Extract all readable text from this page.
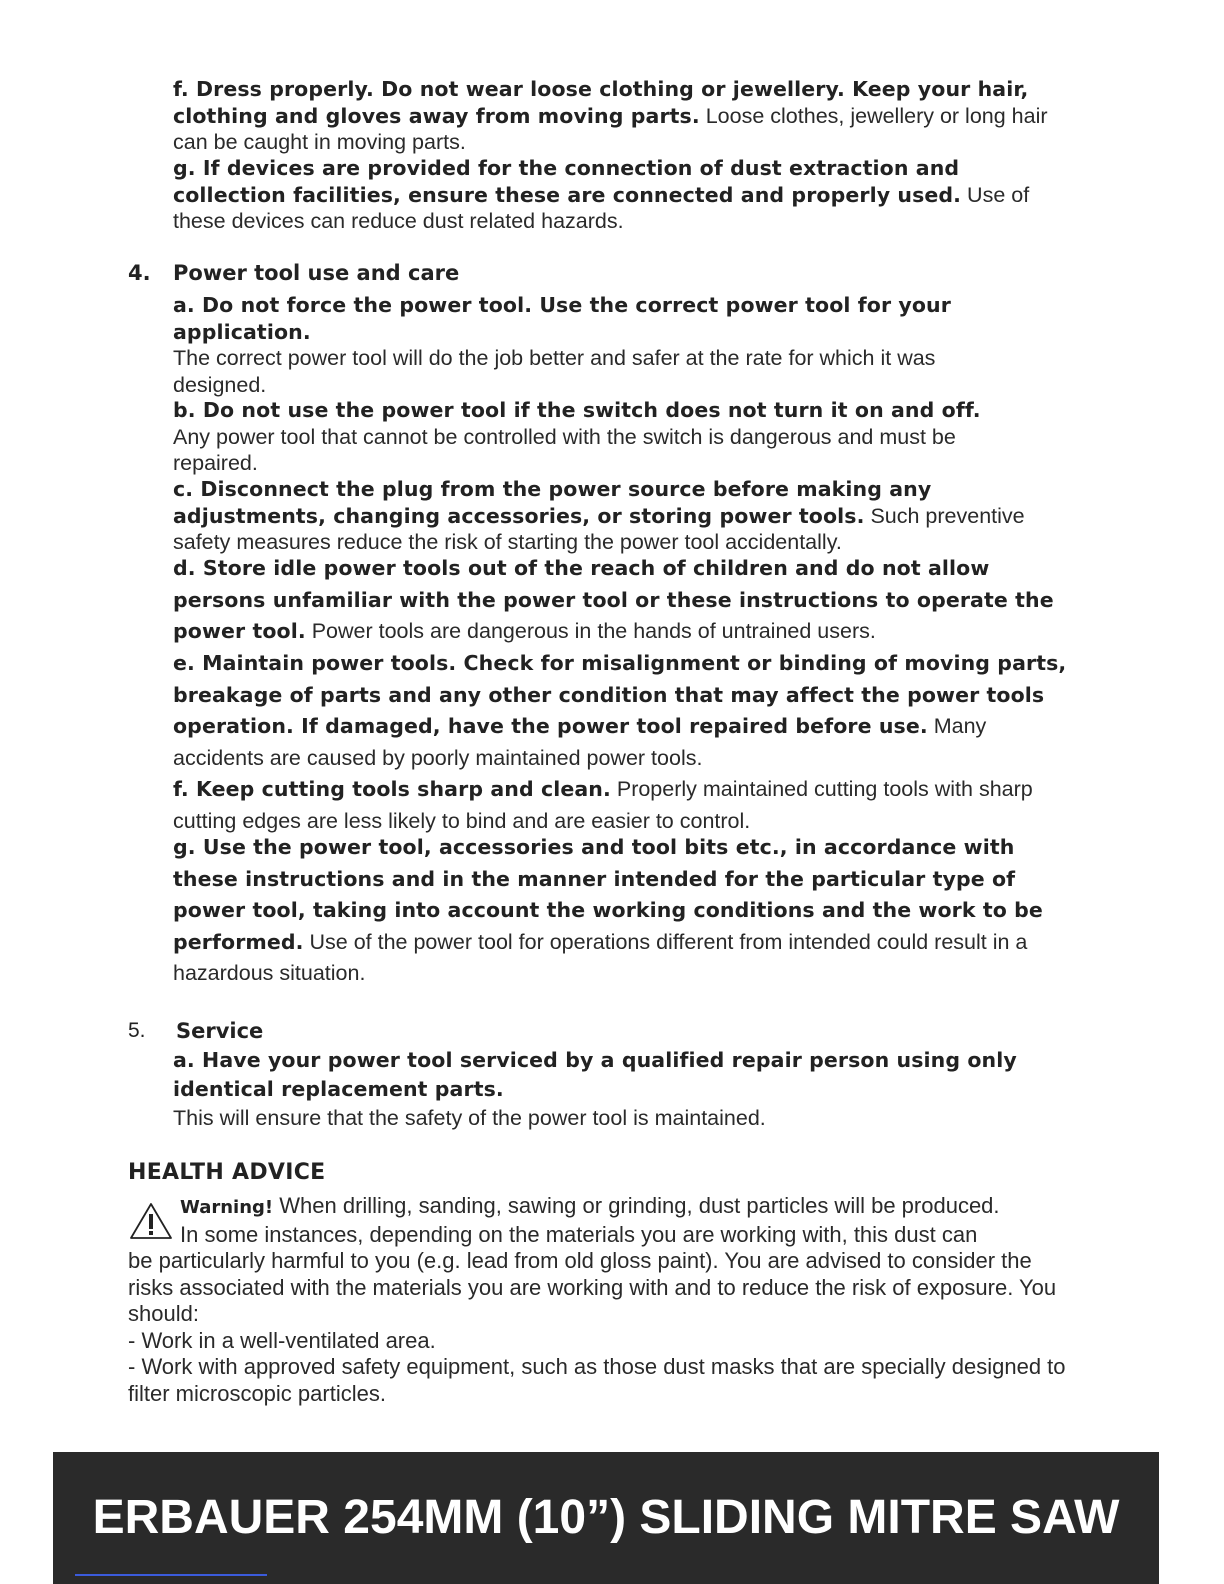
f. Dress properly. Do not wear loose clothing or jewellery. Keep your hair, clothing and gloves away from moving parts. Loose clothes, jewellery or long hair can be caught in moving parts.
g. If devices are provided for the connection of dust extraction and collection facilities, ensure these are connected and properly used. Use of these devices can reduce dust related hazards.
4. Power tool use and care
a. Do not force the power tool. Use the correct power tool for your application.
The correct power tool will do the job better and safer at the rate for which it was designed.
b. Do not use the power tool if the switch does not turn it on and off.
Any power tool that cannot be controlled with the switch is dangerous and must be repaired.
c. Disconnect the plug from the power source before making any adjustments, changing accessories, or storing power tools. Such preventive safety measures reduce the risk of starting the power tool accidentally.
d. Store idle power tools out of the reach of children and do not allow persons unfamiliar with the power tool or these instructions to operate the power tool. Power tools are dangerous in the hands of untrained users.
e. Maintain power tools. Check for misalignment or binding of moving parts, breakage of parts and any other condition that may affect the power tools operation. If damaged, have the power tool repaired before use. Many accidents are caused by poorly maintained power tools.
f. Keep cutting tools sharp and clean. Properly maintained cutting tools with sharp cutting edges are less likely to bind and are easier to control.
g. Use the power tool, accessories and tool bits etc., in accordance with these instructions and in the manner intended for the particular type of power tool, taking into account the working conditions and the work to be performed. Use of the power tool for operations different from intended could result in a hazardous situation.
5. Service
a. Have your power tool serviced by a qualified repair person using only identical replacement parts.
This will ensure that the safety of the power tool is maintained.
HEALTH ADVICE
Warning! When drilling, sanding, sawing or grinding, dust particles will be produced.
In some instances, depending on the materials you are working with, this dust can
be particularly harmful to you (e.g. lead from old gloss paint). You are advised to consider the risks associated with the materials you are working with and to reduce the risk of exposure. You should:
- Work in a well-ventilated area.
- Work with approved safety equipment, such as those dust masks that are specially designed to filter microscopic particles.
ERBAUER 254MM (10”) SLIDING MITRE SAW
